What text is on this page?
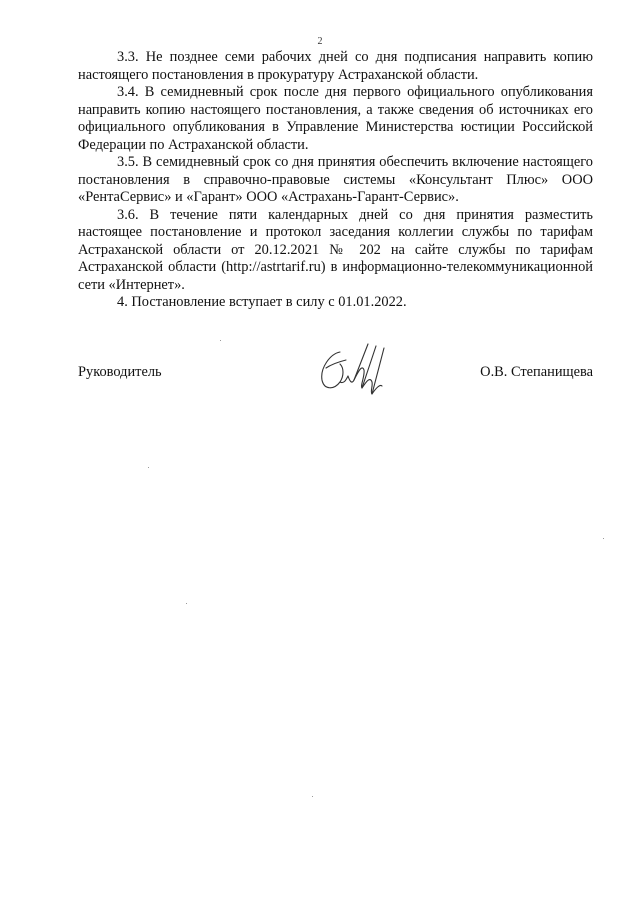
2

3.3. Не позднее семи рабочих дней со дня подписания направить копию настоящего постановления в прокуратуру Астраханской области.

3.4. В семидневный срок после дня первого официального опубликования направить копию настоящего постановления, а также сведения об источниках его официального опубликования в Управление Министерства юстиции Российской Федерации по Астраханской области.

3.5. В семидневный срок со дня принятия обеспечить включение настоящего постановления в справочно-правовые системы «Консультант Плюс» ООО «РентаСервис» и «Гарант» ООО «Астрахань-Гарант-Сервис».

3.6. В течение пяти календарных дней со дня принятия разместить настоящее постановление и протокол заседания коллегии службы по тарифам Астраханской области от 20.12.2021 № 202 на сайте службы по тарифам Астраханской области (http://astrtarif.ru) в информационно-телекоммуникационной сети «Интернет».

4. Постановление вступает в силу с 01.01.2022.

Руководитель	О.В. Степанищева
